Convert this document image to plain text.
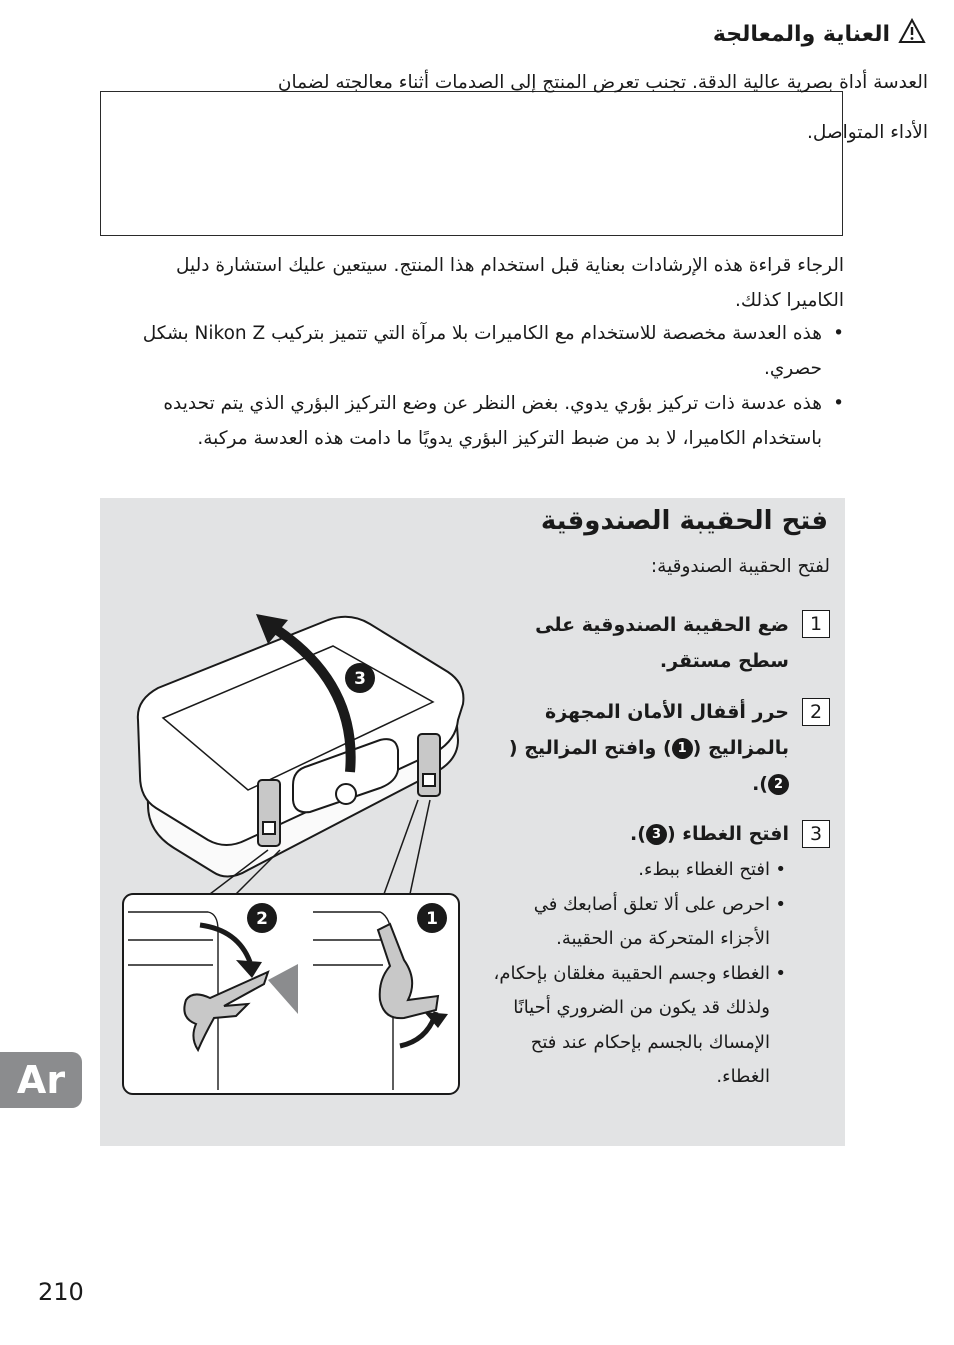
العناية والمعالجة
العدسة أداة بصرية عالية الدقة. تجنب تعرض المنتج إلى الصدمات أثناء معالجته لضمان الأداء المتواصل.
الرجاء قراءة هذه الإرشادات بعناية قبل استخدام هذا المنتج. سيتعين عليك استشارة دليل الكاميرا كذلك.
• هذه العدسة مخصصة للاستخدام مع الكاميرات بلا مرآة التي تتميز بتركيب Nikon Z بشكل حصري.
• هذه عدسة ذات تركيز بؤري يدوي. بغض النظر عن وضع التركيز البؤري الذي يتم تحديده باستخدام الكاميرا، لا بد من ضبط التركيز البؤري يدويًا ما دامت هذه العدسة مركبة.
فتح الحقيبة الصندوقية
لفتح الحقيبة الصندوقية:
1
ضع الحقيبة الصندوقية على سطح مستقر.
2
حرر أقفال الأمان المجهزة بالمزاليج (1) وافتح المزاليج (2).
3
افتح الغطاء (3).
• افتح الغطاء ببطء.
• احرص على ألا تعلق أصابعك في الأجزاء المتحركة من الحقيبة.
• الغطاء وجسم الحقيبة مغلقان بإحكام، ولذلك قد يكون من الضروري أحيانًا الإمساك بالجسم بإحكام عند فتح الغطاء.
3
2	1
Ar
210
